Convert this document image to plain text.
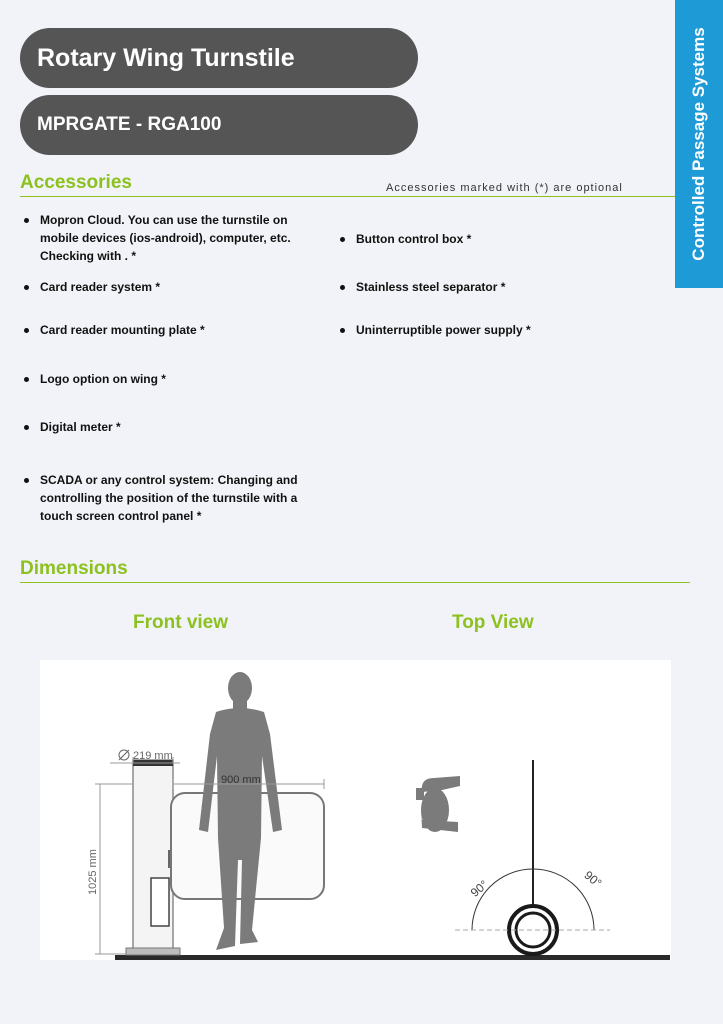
Rotary Wing Turnstile
MPRGATE - RGA100	Controlled Passage Systems
Accessories	Accessories marked with (*) are optional
Mopron Cloud. You can use the turnstile on mobile devices (ios-android), computer, etc. Checking with . *
Card reader system *
Card reader mounting plate *
Logo option on wing *
Digital meter *
SCADA or any control system: Changing and controlling the position of the turnstile with a touch screen control panel *
Button control box *
Stainless steel separator *
Uninterruptible power supply *
Dimensions
Front view	Top View
219 mm
900 mm
1025 mm	90°	90°
